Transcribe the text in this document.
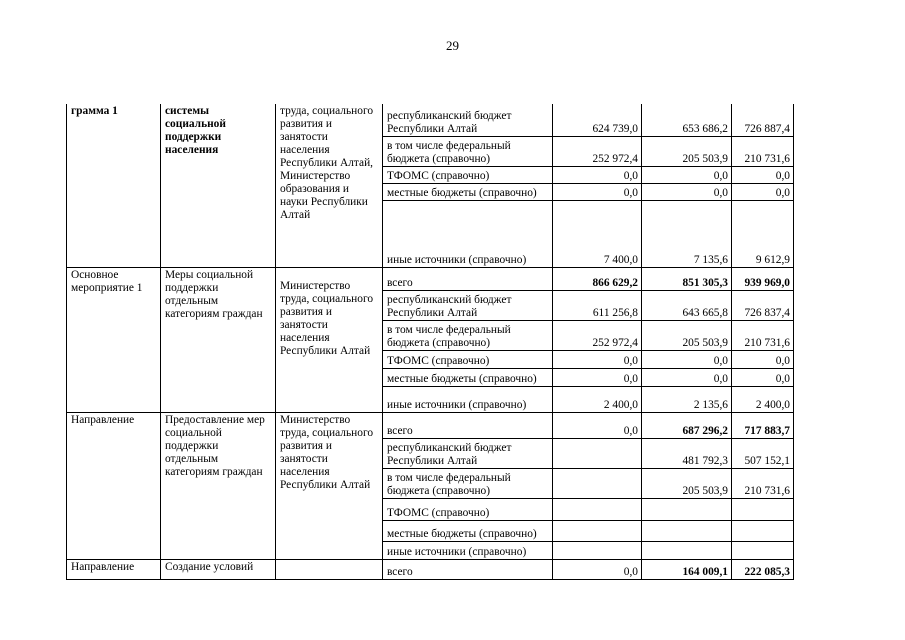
29
грамма 1	системы социальной поддержки населения	труда, социального развития и занятости населения Республики Алтай, Министерство образования и науки Республики Алтай	республиканский бюджет Республики Алтай	624 739,0	653 686,2	726 887,4
			в том числе федеральный бюджета (справочно)	252 972,4	205 503,9	210 731,6
			ТФОМС (справочно)	0,0	0,0	0,0
			местные бюджеты (справочно)	0,0	0,0	0,0
			иные источники (справочно)	7 400,0	7 135,6	9 612,9
Основное мероприятие 1	Меры социальной поддержки отдельным категориям граждан	Министерство труда, социального развития и занятости населения Республики Алтай	всего	866 629,2	851 305,3	939 969,0
			республиканский бюджет Республики Алтай	611 256,8	643 665,8	726 837,4
			в том числе федеральный бюджета (справочно)	252 972,4	205 503,9	210 731,6
			ТФОМС (справочно)	0,0	0,0	0,0
			местные бюджеты (справочно)	0,0	0,0	0,0
			иные источники (справочно)	2 400,0	2 135,6	2 400,0
Направление	Предоставление мер социальной поддержки отдельным категориям граждан	Министерство труда, социального развития и занятости населения Республики Алтай	всего	0,0	687 296,2	717 883,7
			республиканский бюджет Республики Алтай		481 792,3	507 152,1
			в том числе федеральный бюджета (справочно)		205 503,9	210 731,6
			ТФОМС (справочно)			
			местные бюджеты (справочно)			
			иные источники (справочно)			
Направление	Создание условий		всего	0,0	164 009,1	222 085,3
